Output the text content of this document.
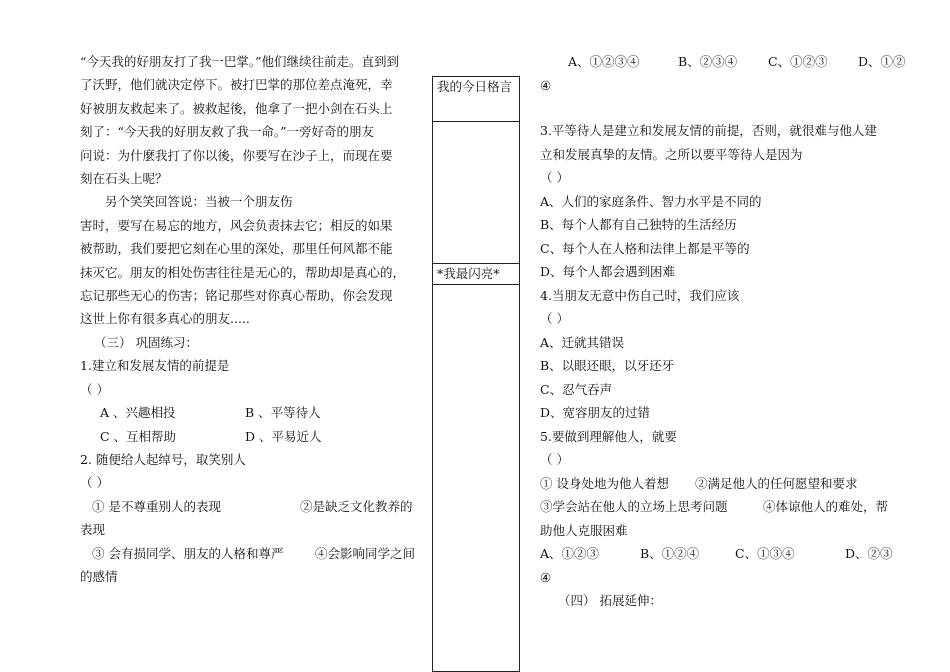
“今天我的好朋友打了我一巴掌。”他们继续往前走。直到到

了沃野，他们就决定停下。被打巴掌的那位差点淹死，幸

好被朋友救起来了。被救起後，他拿了一把小剑在石头上

刻了：“今天我的好朋友救了我一命。”一旁好奇的朋友

问说：为什麼我打了你以後，你要写在沙子上，而现在要

刻在石头上呢？

另个笑笑回答说：当被一个朋友伤

害时，要写在易忘的地方，风会负责抹去它；相反的如果

被帮助，我们要把它刻在心里的深处，那里任何风都不能

抹灭它。朋友的相处伤害往往是无心的，帮助却是真心的，

忘记那些无心的伤害；铭记那些对你真心帮助，你会发现

这世上你有很多真心的朋友.....

（三） 巩固练习：

1.建立和发展友情的前提是

（ ）

A 、兴趣相投	B 、平等待人
C 、互相帮助	D 、平易近人

2. 随便给人起绰号，取笑别人

（ ）

① 是不尊重别人的表现	②是缺乏文化教养的

表现

③ 会有损同学、朋友的人格和尊严	④会影响同学之间

的感情

我的今日格言
*我最闪亮*
A、①②③④	B、②③④	C、①②③	D、①②

④

3.平等待人是建立和发展友情的前提，否则，就很难与他人建

立和发展真挚的友情。之所以要平等待人是因为

（ ）

A、人们的家庭条件、智力水平是不同的

B、每个人都有自己独特的生活经历

C、每个人在人格和法律上都是平等的

D、每个人都会遇到困难

4.当朋友无意中伤自己时，我们应该

（ ）

A、迁就其错误

B、以眼还眼，以牙还牙

C、忍气吞声

D、宽容朋友的过错

5.要做到理解他人，就要

（ ）

① 设身处地为他人着想	②满足他人的任何愿望和要求
③学会站在他人的立场上思考问题	④体谅他人的难处，帮

助他人克服困难

A、①②③	B、①②④	C、①③④	D、②③

④

（四） 拓展延伸：
